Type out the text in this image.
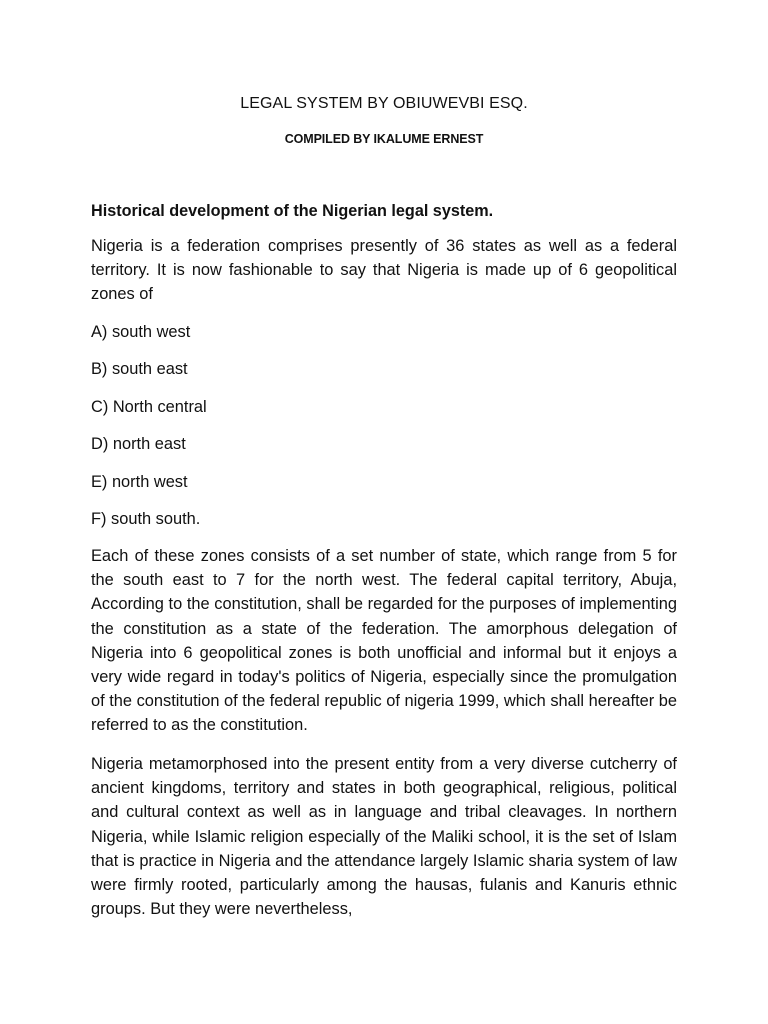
LEGAL SYSTEM BY OBIUWEVBI ESQ.
COMPILED BY IKALUME ERNEST

Historical development of the Nigerian legal system.

Nigeria is a federation comprises presently of 36 states as well as a federal territory. It is now fashionable to say that Nigeria is made up of 6 geopolitical zones of

A) south west

B) south east

C) North central

D) north east

E) north west

F) south south.

Each of these zones consists of a set number of state, which range from 5 for the south east to 7 for the north west. The federal capital territory, Abuja, According to the constitution, shall be regarded for the purposes of implementing the constitution as a state of the federation. The amorphous delegation of Nigeria into 6 geopolitical zones is both unofficial and informal but it enjoys a very wide regard in today's politics of Nigeria, especially since the promulgation of the constitution of the federal republic of nigeria 1999, which shall hereafter be referred to as the constitution.

Nigeria metamorphosed into the present entity from a very diverse cutcherry of ancient kingdoms, territory and states in both geographical, religious, political and cultural context as well as in language and tribal cleavages. In northern Nigeria, while Islamic religion especially of the Maliki school, it is the set of Islam that is practice in Nigeria and the attendance largely Islamic sharia system of law were firmly rooted, particularly among the hausas, fulanis and Kanuris ethnic groups. But they were nevertheless,
